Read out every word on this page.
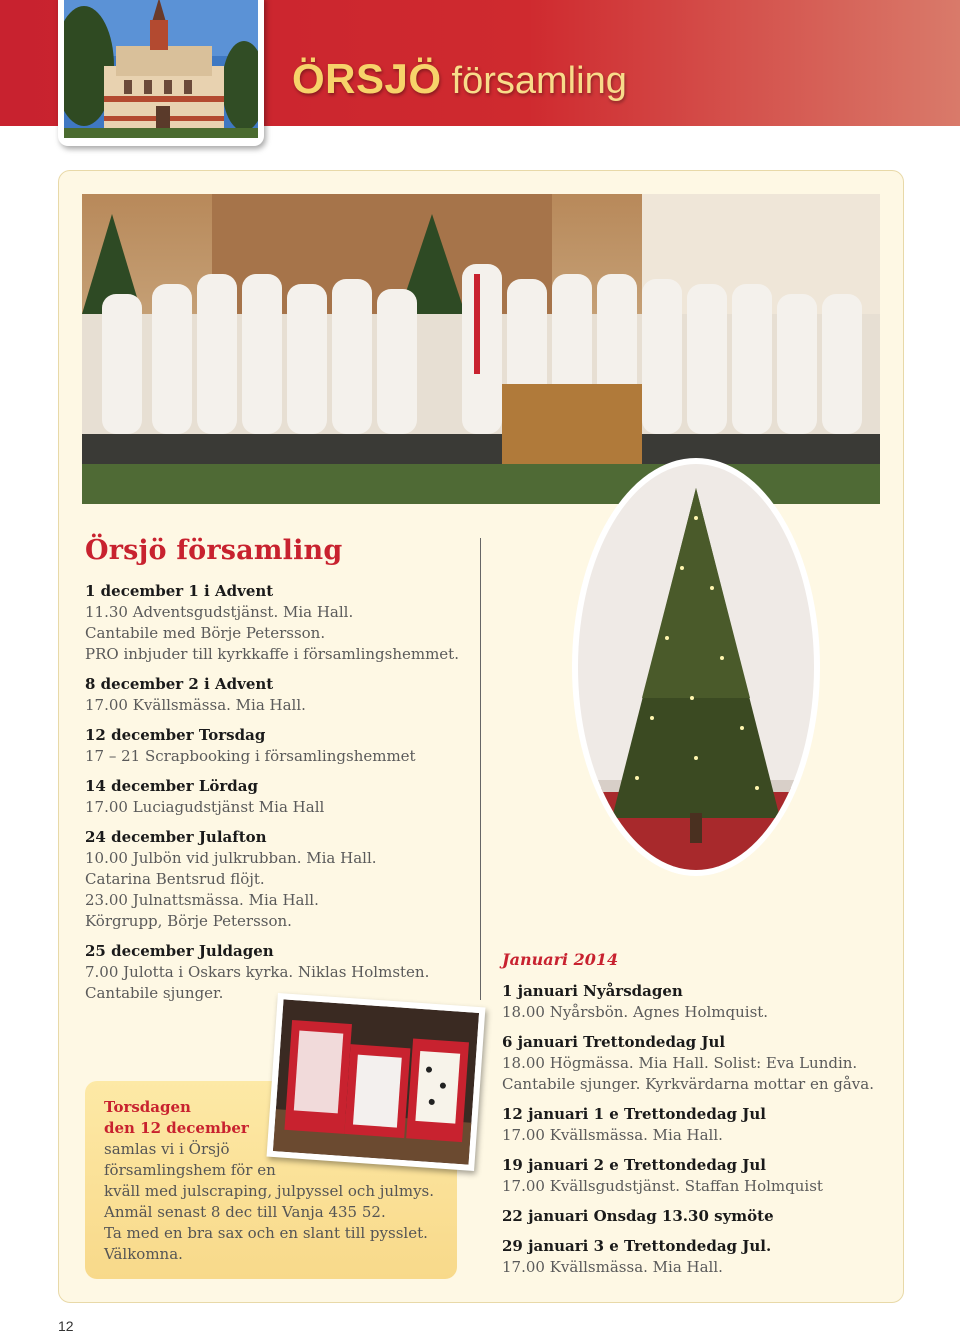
ÖRSJÖ församling
Örsjö församling
1 december 1 i Advent
11.30 Adventsgudstjänst. Mia Hall.
Cantabile med Börje Petersson.
PRO inbjuder till kyrkkaffe i församlingshemmet.
8 december 2 i Advent
17.00 Kvällsmässa. Mia Hall.
12 december Torsdag
17 – 21 Scrapbooking i församlingshemmet
14 december Lördag
17.00 Luciagudstjänst Mia Hall
24 december Julafton
10.00 Julbön vid julkrubban. Mia Hall.
Catarina Bentsrud flöjt.
23.00 Julnattsmässa. Mia Hall.
Körgrupp, Börje Petersson.
25 december Juldagen
7.00 Julotta i Oskars kyrka. Niklas Holmsten.
Cantabile sjunger.
Januari 2014
1 januari Nyårsdagen
18.00 Nyårsbön. Agnes Holmquist.
6 januari Trettondedag Jul
18.00 Högmässa. Mia Hall. Solist: Eva Lundin.
Cantabile sjunger. Kyrkvärdarna mottar en gåva.
12 januari 1 e Trettondedag Jul
17.00 Kvällsmässa. Mia Hall.
19 januari 2 e Trettondedag Jul
17.00 Kvällsgudstjänst. Staffan Holmquist
22 januari Onsdag 13.30 symöte
29 januari 3 e Trettondedag Jul.
17.00 Kvällsmässa. Mia Hall.
Torsdagen
den 12 december
samlas vi i Örsjö
församlingshem för en
kväll med julscraping, julpyssel och julmys.
Anmäl senast 8 dec till Vanja 435 52.
Ta med en bra sax och en slant till pysslet.
Välkomna.
12
